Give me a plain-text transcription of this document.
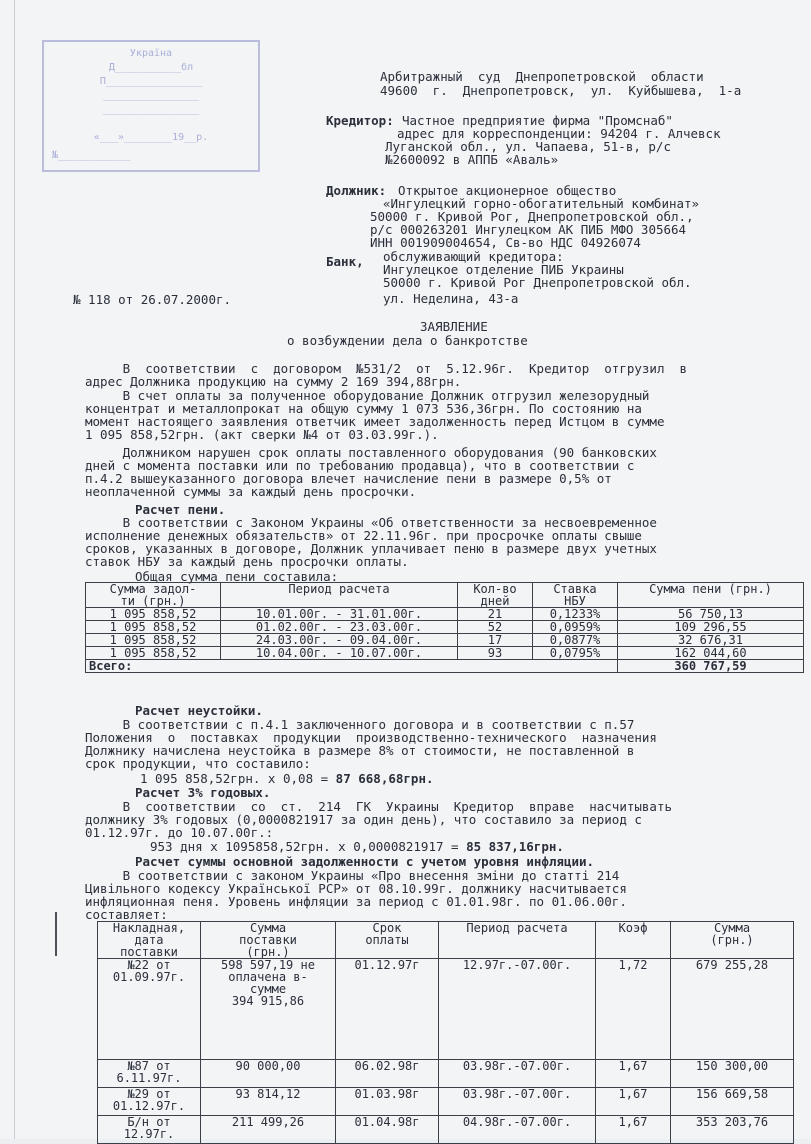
Україна
Д___________бл
П________________
________________
________________
«___»________19__р.
№____________
Арбитражный  суд  Днепропетровской  области
49600  г.  Днепропетровск,  ул.  Куйбышева,  1-а
Кредитор: Частное предприятие фирма "Промснаб"
адрес для корреспонденции: 94204 г. Алчевск
Луганской обл., ул. Чапаева, 51-в, р/с
№2600092 в АППБ «Аваль»
Должник: Открытое акционерное общество
«Ингулецкий горно-обогатительный комбинат»
50000 г. Кривой Рог, Днепропетровской обл.,
р/с 000263201 Ингулецком АК ПИБ МФО 305664
ИНН 001909004654, Св-во НДС 04926074
Банк, обслуживающий кредитора:
Ингулецкое отделение ПИБ Украины
50000 г. Кривой Рог Днепропетровской обл.
ул. Неделина, 43-а
№ 118 от 26.07.2000г.
ЗАЯВЛЕНИЕ
о возбуждении дела о банкротстве
В  соответствии  с  договором  №531/2  от  5.12.96г.  Кредитор  отгрузил  в
адрес Должника продукцию на сумму 2 169 394,88грн.
В счет оплаты за полученное оборудование Должник отгрузил железорудный
концентрат и металлопрокат на общую сумму 1 073 536,36грн. По состоянию на
момент настоящего заявления ответчик имеет задолженность перед Истцом в сумме
1 095 858,52грн. (акт сверки №4 от 03.03.99г.).
Должником нарушен срок оплаты поставленного оборудования (90 банковских
дней с момента поставки или по требованию продавца), что в соответствии с
п.4.2 вышеуказанного договора влечет начисление пени в размере 0,5% от
неоплаченной суммы за каждый день просрочки.
Расчет пени.
В соответствии с Законом Украины «Об ответственности за несвоевременное
исполнение денежных обязательств» от 22.11.96г. при просрочке оплаты свыше
сроков, указанных в договоре, Должник уплачивает пеню в размере двух учетных
ставок НБУ за каждый день просрочки оплаты.
Общая сумма пени составила:
Сумма задол-
ти (грн.)	Период расчета	Кол-во
дней	Ставка
НБУ	Сумма пени (грн.)
1 095 858,52	10.01.00г. - 31.01.00г.	21	0,1233%	56 750,13
1 095 858,52	01.02.00г. - 23.03.00г.	52	0,0959%	109 296,55
1 095 858,52	24.03.00г. - 09.04.00г.	17	0,0877%	32 676,31
1 095 858,52	10.04.00г. - 10.07.00г.	93	0,0795%	162 044,60
Всего:				360 767,59
Расчет неустойки.
В соответствии с п.4.1 заключенного договора и в соответствии с п.57
Положения  о  поставках  продукции  производственно-технического  назначения
Должнику начислена неустойка в размере 8% от стоимости, не поставленной в
срок продукции, что составило:
1 095 858,52грн. х 0,08 = 87 668,68грн.
Расчет 3% годовых.
В  соответствии  со  ст.  214  ГК  Украины  Кредитор  вправе  насчитывать
должнику 3% годовых (0,0000821917 за один день), что составило за период с
01.12.97г. до 10.07.00г.:
953 дня х 1095858,52грн. х 0,0000821917 = 85 837,16грн.
Расчет суммы основной задолженности с учетом уровня инфляции.
В соответствии с законом Украины «Про внесення зміни до статті 214
Цивільного кодексу Української РСР» от 08.10.99г. должнику насчитывается
инфляционная пеня. Уровень инфляции за период с 01.01.98г. по 01.06.00г.
составляет:
Накладная,
дата
поставки	Сумма
поставки
(грн.)	Срок
оплаты	Период расчета	Коэф	Сумма
(грн.)
№22 от
01.09.97г.	598 597,19 не
оплачена в-
сумме
394 915,86	01.12.97г	12.97г.-07.00г.	1,72	679 255,28
№87 от
6.11.97г.	90 000,00	06.02.98г	03.98г.-07.00г.	1,67	150 300,00
№29 от
01.12.97г.	93 814,12	01.03.98г	03.98г.-07.00г.	1,67	156 669,58
Б/н от
12.97г.	211 499,26	01.04.98г	04.98г.-07.00г.	1,67	353 203,76
